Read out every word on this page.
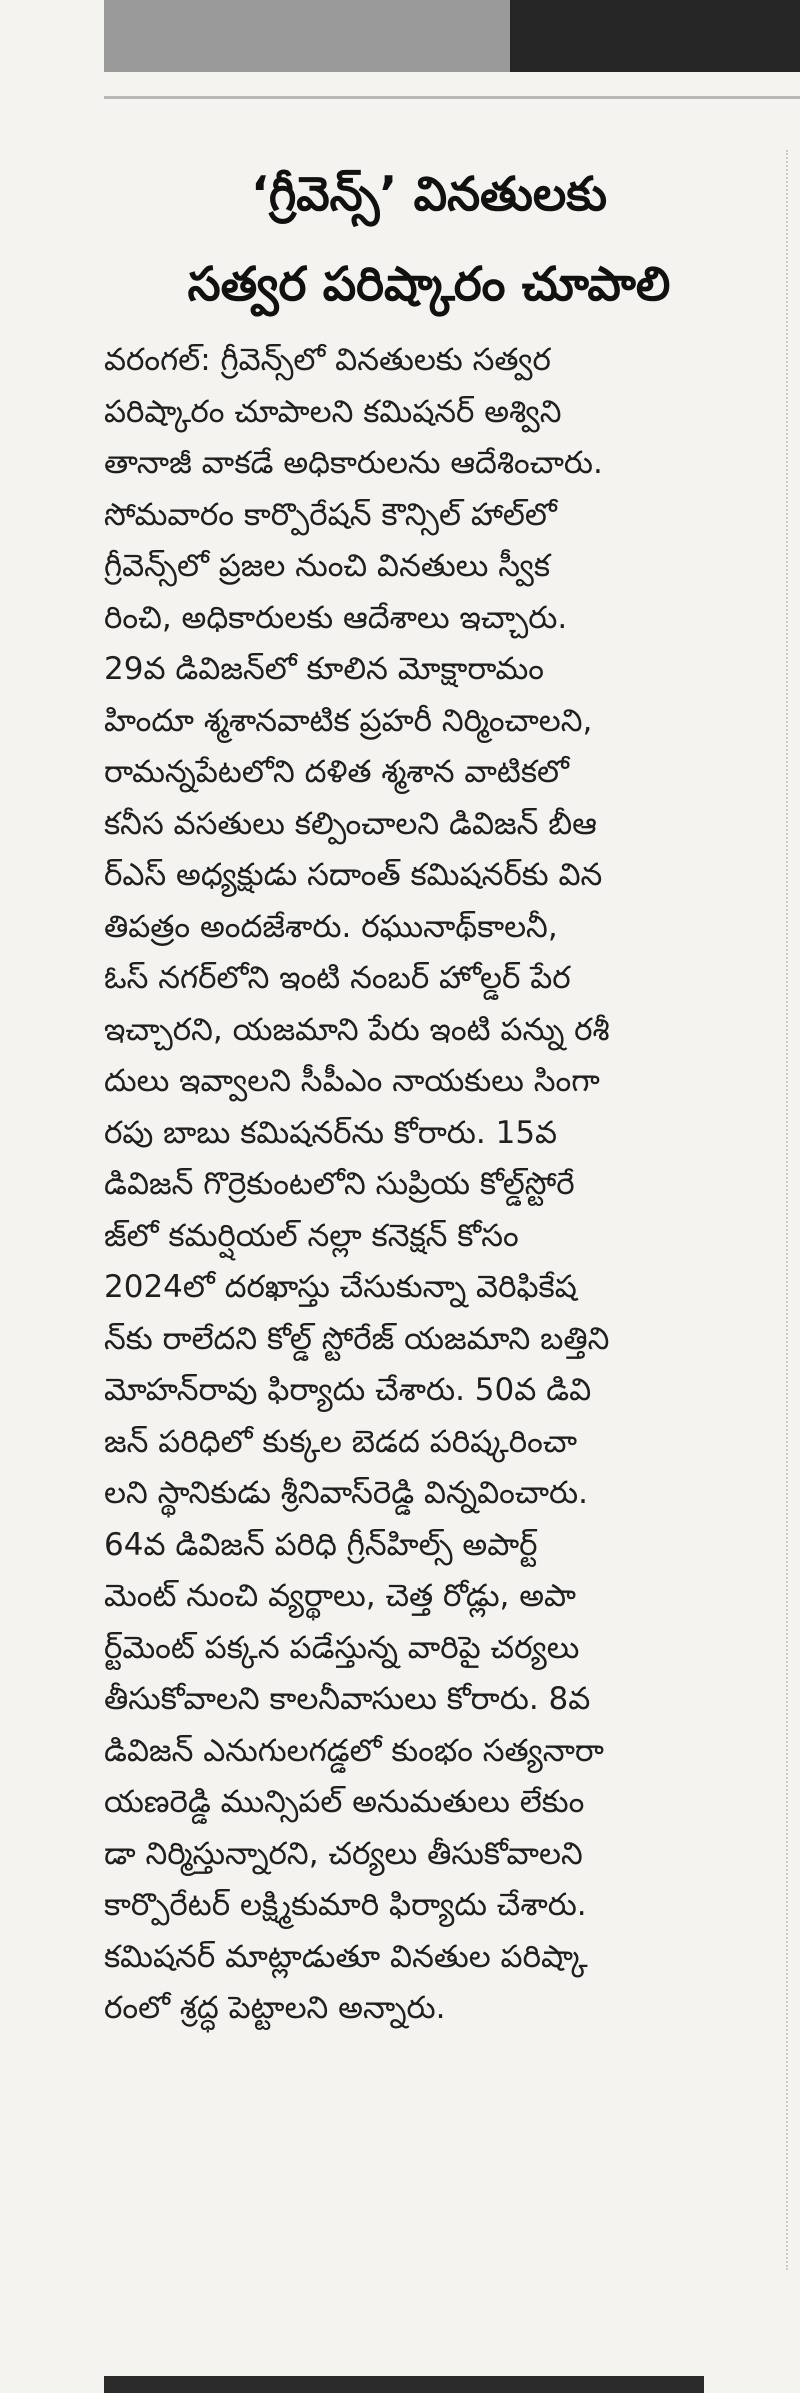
‘గ్రీవెన్స్’ వినతులకు
సత్వర పరిష్కారం చూపాలి
వరంగల్: గ్రీవెన్స్‌లో వినతులకు సత్వర
పరిష్కారం చూపాలని కమిషనర్ అశ్విని
తానాజీ వాకడే అధికారులను ఆదేశించారు.
సోమవారం కార్పొరేషన్ కౌన్సిల్ హాల్‌లో
గ్రీవెన్స్‌లో ప్రజల నుంచి వినతులు స్వీక
రించి, అధికారులకు ఆదేశాలు ఇచ్చారు.
29వ డివిజన్‌లో కూలిన మోక్షారామం
హిందూ శ్మశానవాటిక ప్రహరీ నిర్మించాలని,
రామన్నపేటలోని దళిత శ్మశాన వాటికలో
కనీస వసతులు కల్పించాలని డివిజన్ బీఆ
ర్‌ఎస్ అధ్యక్షుడు సదాంత్ కమిషనర్‌కు విన
తిపత్రం అందజేశారు. రఘునాథ్‌కాలనీ,
ఓస్ నగర్‌లోని ఇంటి నంబర్ హోల్డర్ పేర
ఇచ్చారని, యజమాని పేరు ఇంటి పన్ను రశీ
దులు ఇవ్వాలని సీపీఎం నాయకులు సింగా
రపు బాబు కమిషనర్‌ను కోరారు. 15వ
డివిజన్ గొర్రెకుంటలోని సుప్రియ కోల్డ్‌స్టోరే
జ్‌లో కమర్షియల్ నల్లా కనెక్షన్ కోసం
2024లో దరఖాస్తు చేసుకున్నా వెరిఫికేష
న్‌కు రాలేదని కోల్డ్ స్టోరేజ్ యజమాని బత్తిని
మోహన్‌రావు ఫిర్యాదు చేశారు. 50వ డివి
జన్ పరిధిలో కుక్కల బెడద పరిష్కరించా
లని స్థానికుడు శ్రీనివాస్‌రెడ్డి విన్నవించారు.
64వ డివిజన్ పరిధి గ్రీన్‌హిల్స్ అపార్ట్
మెంట్ నుంచి వ్యర్థాలు, చెత్త రోడ్లు, అపా
ర్ట్‌మెంట్ పక్కన పడేస్తున్న వారిపై చర్యలు
తీసుకోవాలని కాలనీవాసులు కోరారు. 8వ
డివిజన్ ఎనుగులగడ్డలో కుంభం సత్యనారా
యణరెడ్డి మున్సిపల్ అనుమతులు లేకుం
డా నిర్మిస్తున్నారని, చర్యలు తీసుకోవాలని
కార్పొరేటర్ లక్ష్మికుమారి ఫిర్యాదు చేశారు.
కమిషనర్ మాట్లాడుతూ వినతుల పరిష్కా
రంలో శ్రద్ధ పెట్టాలని అన్నారు.
